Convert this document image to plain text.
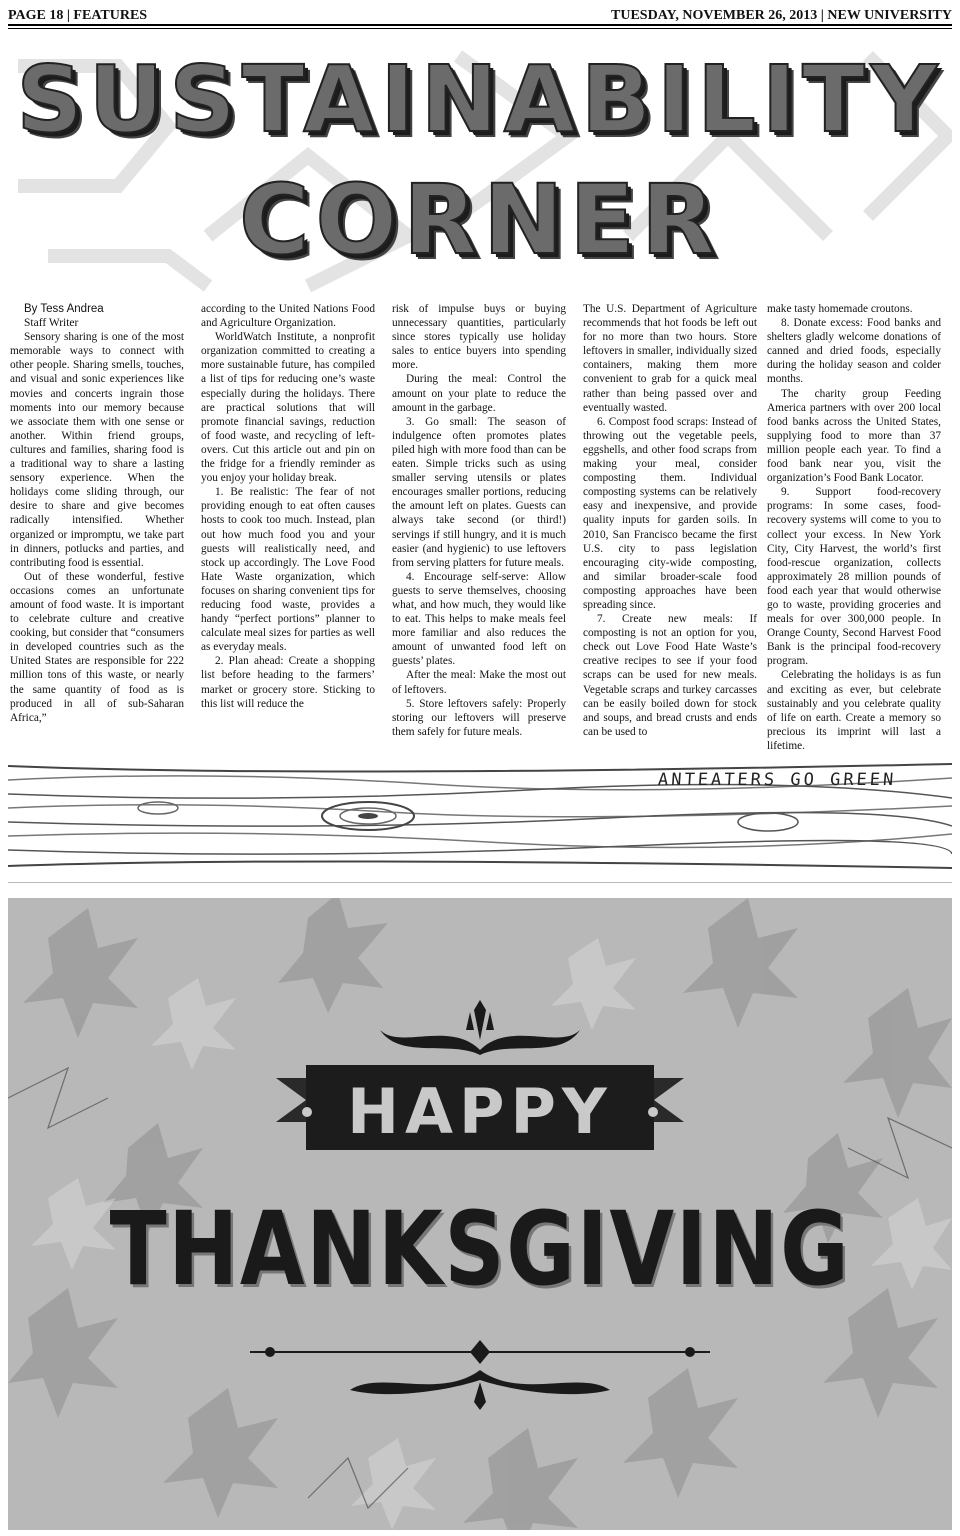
PAGE 18 | FEATURES	TUESDAY, NOVEMBER 26, 2013 | NEW UNIVERSITY
SUSTAINABILITY
CORNER

By Tess Andrea

Staff Writer

Sensory sharing is one of the most memorable ways to connect with other people. Sharing smells, touches, and visual and sonic experiences like movies and concerts ingrain those moments into our memory because we associate them with one sense or another. Within friend groups, cultures and families, sharing food is a traditional way to share a lasting sensory experience. When the holidays come sliding through, our desire to share and give becomes radically intensified. Whether organized or impromptu, we take part in dinners, potlucks and parties, and contributing food is essential.

Out of these wonderful, festive occasions comes an unfortunate amount of food waste. It is important to celebrate culture and creative cooking, but consider that “consumers in developed countries such as the United States are responsible for 222 million tons of this waste, or nearly the same quantity of food as is produced in all of sub-Saharan Africa,”

according to the United Nations Food and Agriculture Organization.

WorldWatch Institute, a nonprofit organization committed to creating a more sustainable future, has compiled a list of tips for reducing one’s waste especially during the holidays. There are practical solutions that will promote financial savings, reduction of food waste, and recycling of left-overs. Cut this article out and pin on the fridge for a friendly reminder as you enjoy your holiday break.

1. Be realistic: The fear of not providing enough to eat often causes hosts to cook too much. Instead, plan out how much food you and your guests will realistically need, and stock up accordingly. The Love Food Hate Waste organization, which focuses on sharing convenient tips for reducing food waste, provides a handy “perfect portions” planner to calculate meal sizes for parties as well as everyday meals.

2. Plan ahead: Create a shopping list before heading to the farmers’ market or grocery store. Sticking to this list will reduce the

risk of impulse buys or buying unnecessary quantities, particularly since stores typically use holiday sales to entice buyers into spending more.

During the meal: Control the amount on your plate to reduce the amount in the garbage.

3. Go small: The season of indulgence often promotes plates piled high with more food than can be eaten. Simple tricks such as using smaller serving utensils or plates encourages smaller portions, reducing the amount left on plates. Guests can always take second (or third!) servings if still hungry, and it is much easier (and hygienic) to use leftovers from serving platters for future meals.

4. Encourage self-serve: Allow guests to serve themselves, choosing what, and how much, they would like to eat. This helps to make meals feel more familiar and also reduces the amount of unwanted food left on guests’ plates.

After the meal: Make the most out of leftovers.

5. Store leftovers safely: Properly storing our leftovers will preserve them safely for future meals.

The U.S. Department of Agriculture recommends that hot foods be left out for no more than two hours. Store leftovers in smaller, individually sized containers, making them more convenient to grab for a quick meal rather than being passed over and eventually wasted.

6. Compost food scraps: Instead of throwing out the vegetable peels, eggshells, and other food scraps from making your meal, consider composting them. Individual composting systems can be relatively easy and inexpensive, and provide quality inputs for garden soils. In 2010, San Francisco became the first U.S. city to pass legislation encouraging city-wide composting, and similar broader-scale food composting approaches have been spreading since.

7. Create new meals: If composting is not an option for you, check out Love Food Hate Waste’s creative recipes to see if your food scraps can be used for new meals. Vegetable scraps and turkey carcasses can be easily boiled down for stock and soups, and bread crusts and ends can be used to

make tasty homemade croutons.

8. Donate excess: Food banks and shelters gladly welcome donations of canned and dried foods, especially during the holiday season and colder months.

The charity group Feeding America partners with over 200 local food banks across the United States, supplying food to more than 37 million people each year. To find a food bank near you, visit the organization’s Food Bank Locator.

9. Support food-recovery programs: In some cases, food-recovery systems will come to you to collect your excess. In New York City, City Harvest, the world’s first food-rescue organization, collects approximately 28 million pounds of food each year that would otherwise go to waste, providing groceries and meals for over 300,000 people. In Orange County, Second Harvest Food Bank is the principal food-recovery program.

Celebrating the holidays is as fun and exciting as ever, but celebrate sustainably and you celebrate quality of life on earth. Create a memory so precious its imprint will last a lifetime.

ANTEATERS GO GREEN
HAPPY
THANKSGIVING
